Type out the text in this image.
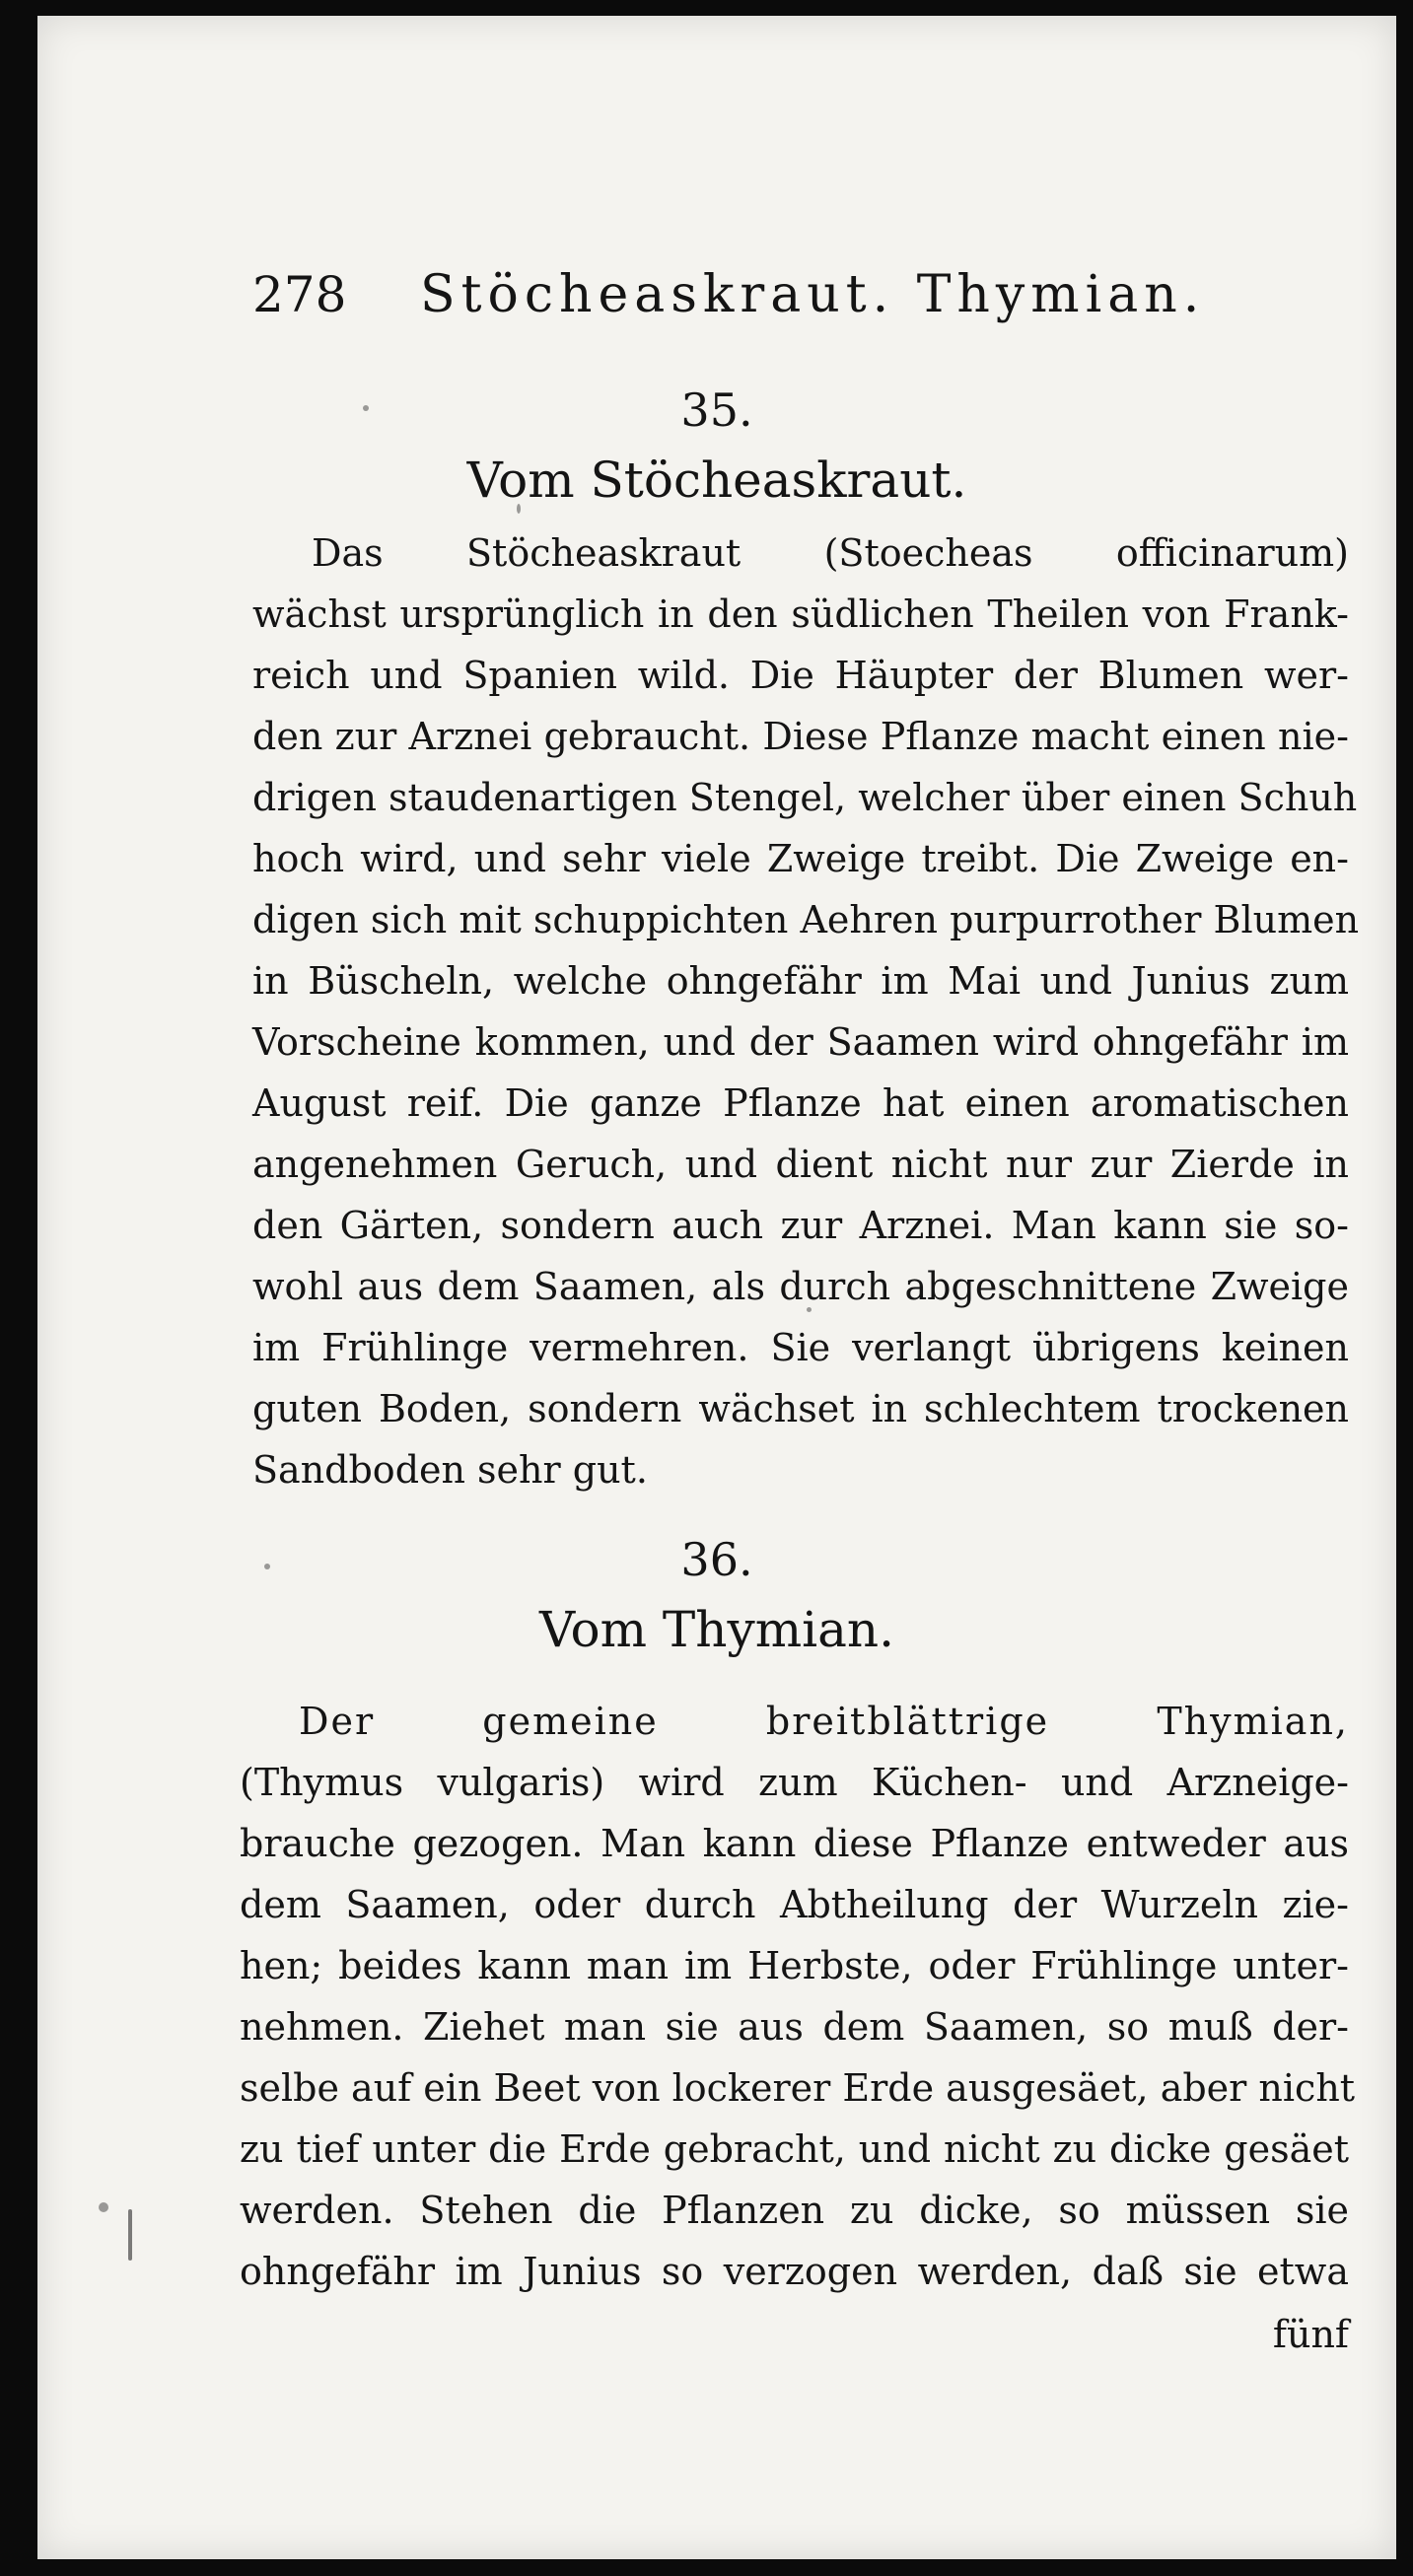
278 Stöcheaskraut. Thymian.
35.
Vom Stöcheaskraut.
Das Stöcheaskraut (Stoecheas officinarum)
wächst ursprünglich in den südlichen Theilen von Frank-
reich und Spanien wild. Die Häupter der Blumen wer-
den zur Arznei gebraucht. Diese Pflanze macht einen nie-
drigen staudenartigen Stengel, welcher über einen Schuh
hoch wird, und sehr viele Zweige treibt. Die Zweige en-
digen sich mit schuppichten Aehren purpurrother Blumen
in Büscheln, welche ohngefähr im Mai und Junius zum
Vorscheine kommen, und der Saamen wird ohngefähr im
August reif. Die ganze Pflanze hat einen aromatischen
angenehmen Geruch, und dient nicht nur zur Zierde in
den Gärten, sondern auch zur Arznei. Man kann sie so-
wohl aus dem Saamen, als durch abgeschnittene Zweige
im Frühlinge vermehren. Sie verlangt übrigens keinen
guten Boden, sondern wächset in schlechtem trockenen
Sandboden sehr gut.
36.
Vom Thymian.
Der gemeine breitblättrige Thymian,
(Thymus vulgaris) wird zum Küchen- und Arzneige-
brauche gezogen. Man kann diese Pflanze entweder aus
dem Saamen, oder durch Abtheilung der Wurzeln zie-
hen; beides kann man im Herbste, oder Frühlinge unter-
nehmen. Ziehet man sie aus dem Saamen, so muß der-
selbe auf ein Beet von lockerer Erde ausgesäet, aber nicht
zu tief unter die Erde gebracht, und nicht zu dicke gesäet
werden. Stehen die Pflanzen zu dicke, so müssen sie
ohngefähr im Junius so verzogen werden, daß sie etwa
fünf
